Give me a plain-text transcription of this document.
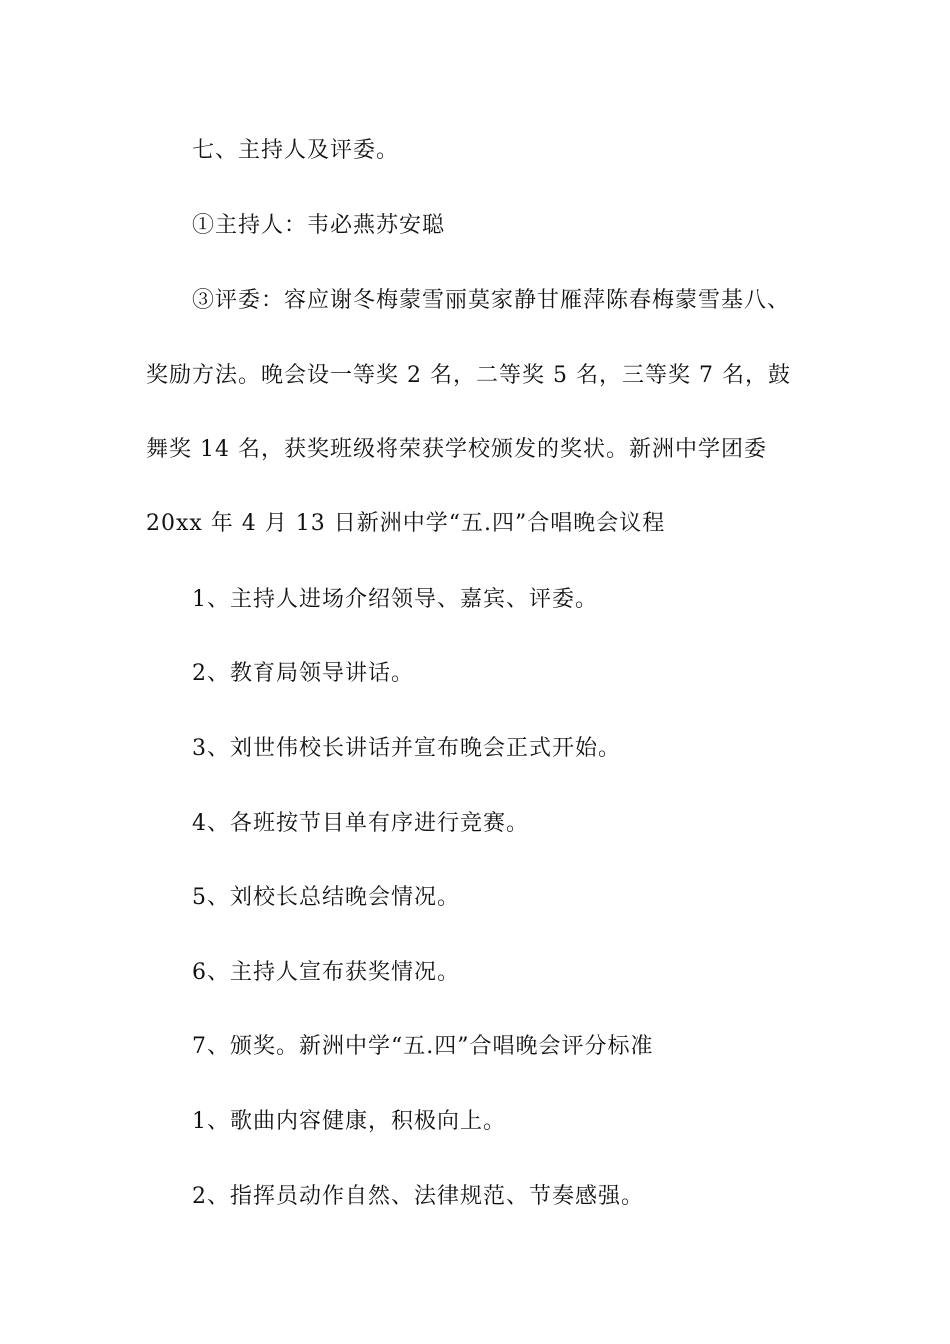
七、主持人及评委。
①主持人：韦必燕苏安聪
③评委：容应谢冬梅蒙雪丽莫家静甘雁萍陈春梅蒙雪基八、
奖励方法。晚会设一等奖 2 名，二等奖 5 名，三等奖 7 名，鼓
舞奖 14 名，获奖班级将荣获学校颁发的奖状。新洲中学团委
20xx 年 4 月 13 日新洲中学“五.四”合唱晚会议程
1、主持人进场介绍领导、嘉宾、评委。
2、教育局领导讲话。
3、刘世伟校长讲话并宣布晚会正式开始。
4、各班按节目单有序进行竞赛。
5、刘校长总结晚会情况。
6、主持人宣布获奖情况。
7、颁奖。新洲中学“五.四”合唱晚会评分标准
1、歌曲内容健康，积极向上。
2、指挥员动作自然、法律规范、节奏感强。
